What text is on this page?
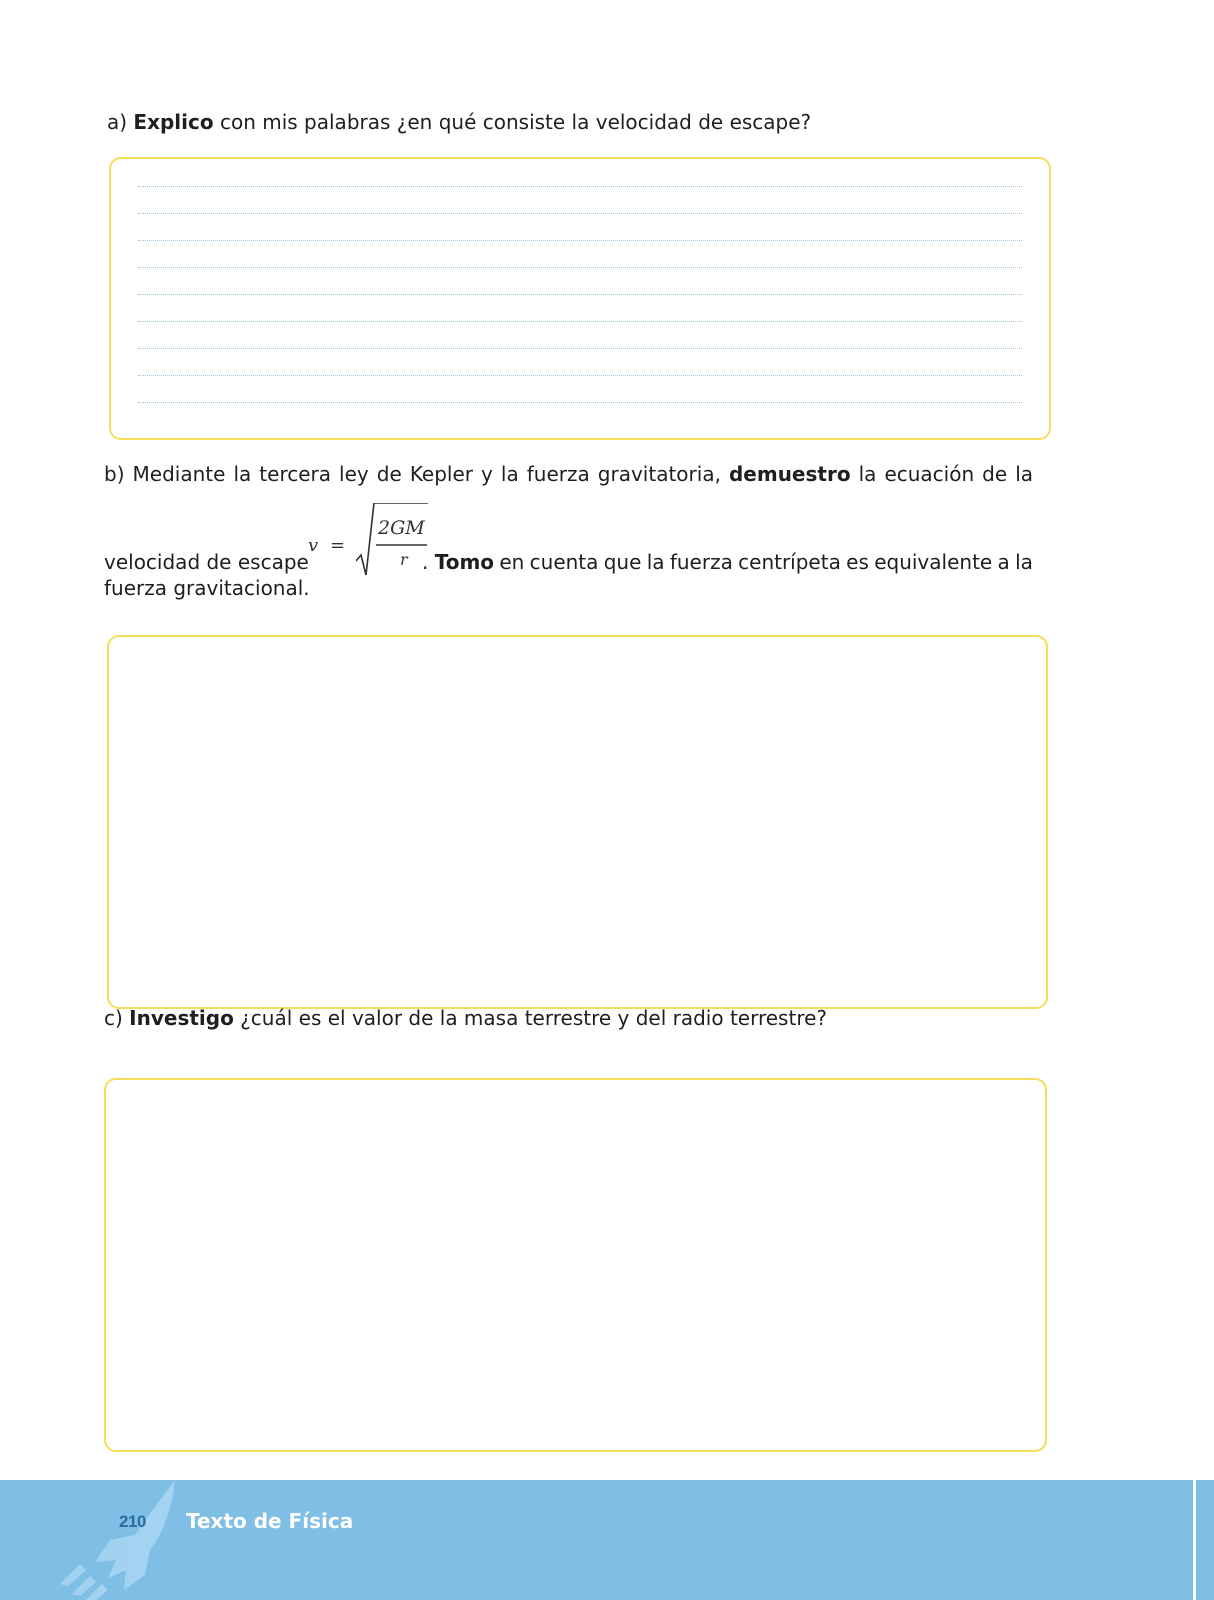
a) Explico con mis palabras ¿en qué consiste la velocidad de escape?
b) Mediante la tercera ley de Kepler y la fuerza gravitatoria, demuestro la ecuación de la
velocidad de escape	. Tomo en cuenta que la fuerza centrípeta es equivalente a la
v =
2GM
r
fuerza gravitacional.
c) Investigo ¿cuál es el valor de la masa terrestre y del radio terrestre?
210 Texto de Física
